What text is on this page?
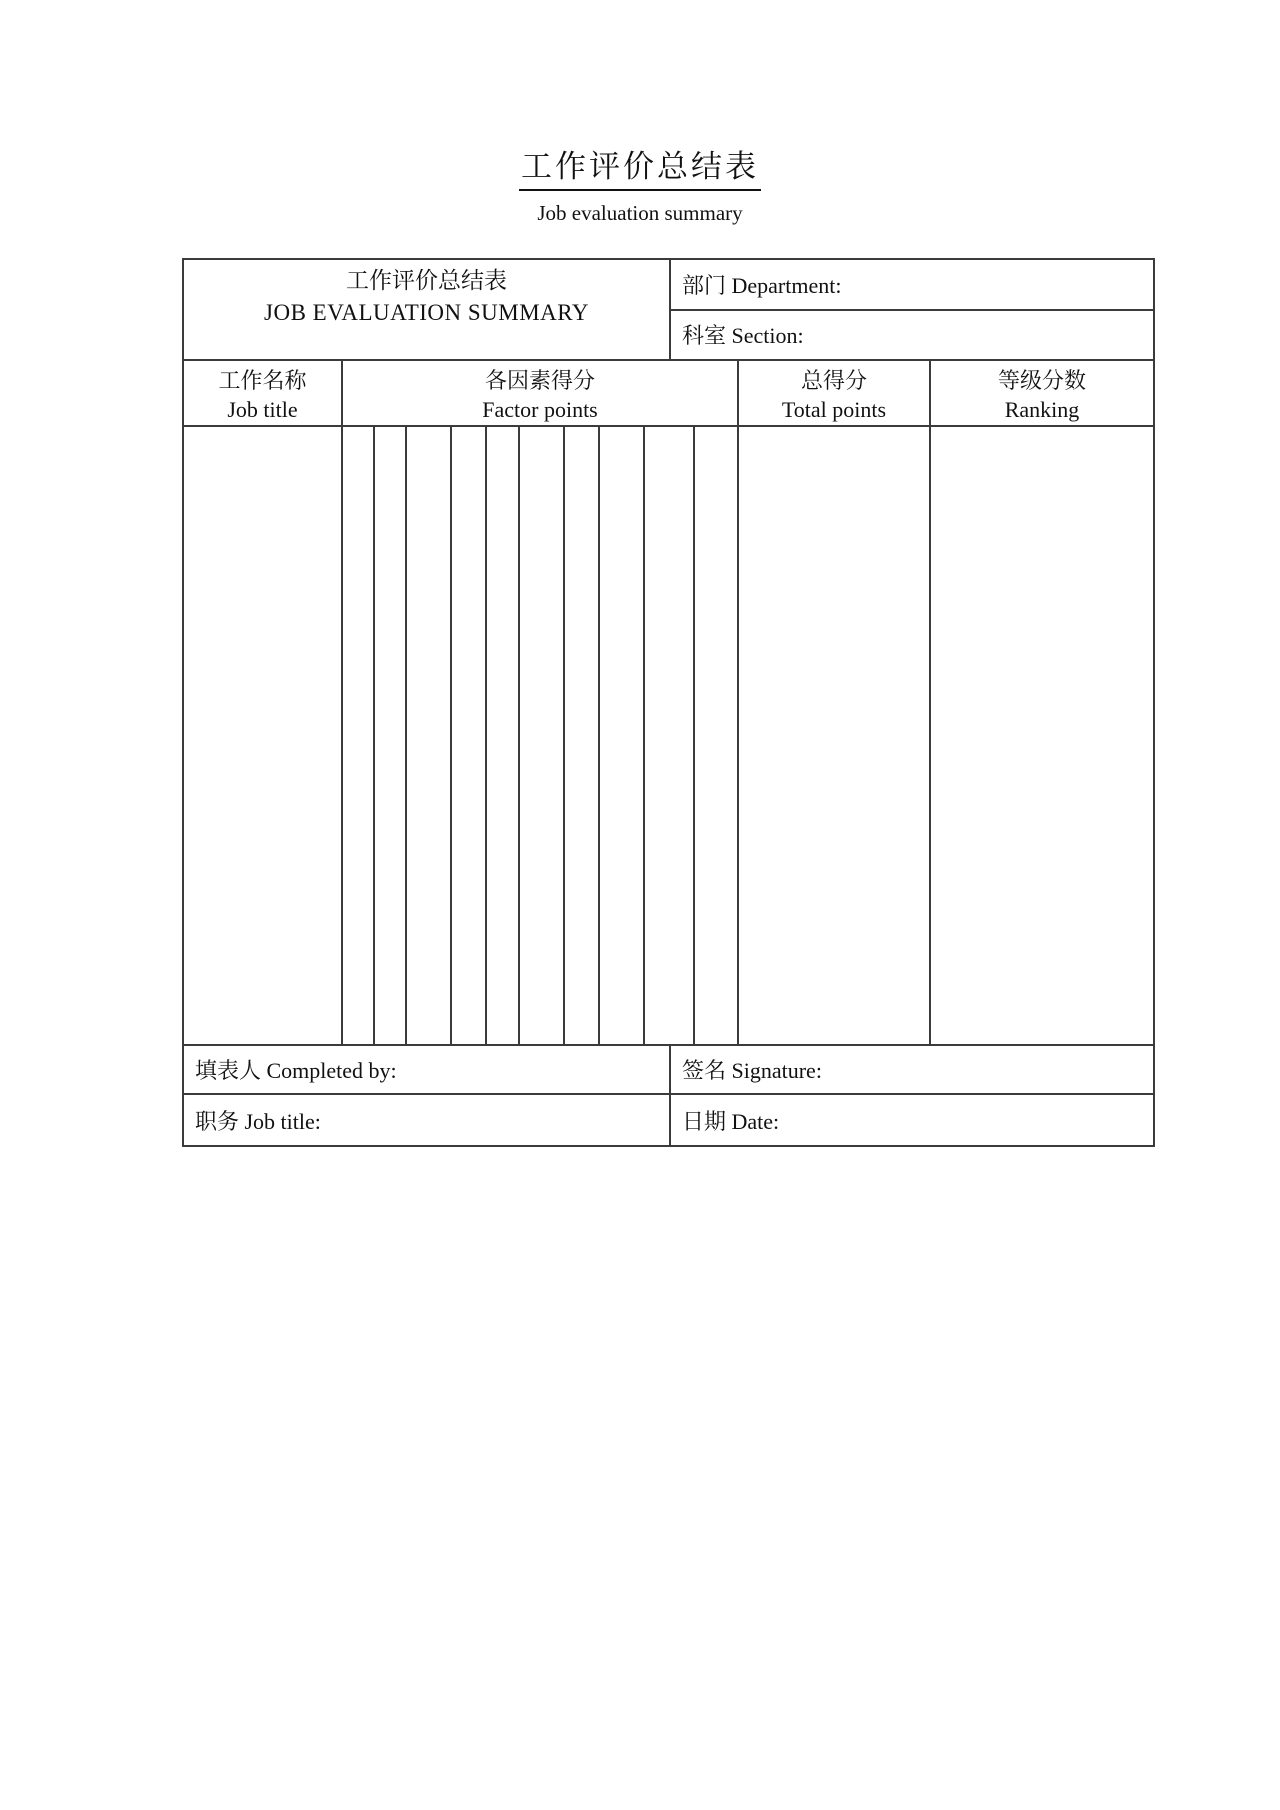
工作评价总结表
Job evaluation summary
工作评价总结表
JOB EVALUATION SUMMARY
部门 Department:
科室 Section:
工作名称
Job title
各因素得分
Factor points
总得分
Total points
等级分数
Ranking
填表人 Completed by:	签名 Signature:
职务 Job title:	日期 Date:
